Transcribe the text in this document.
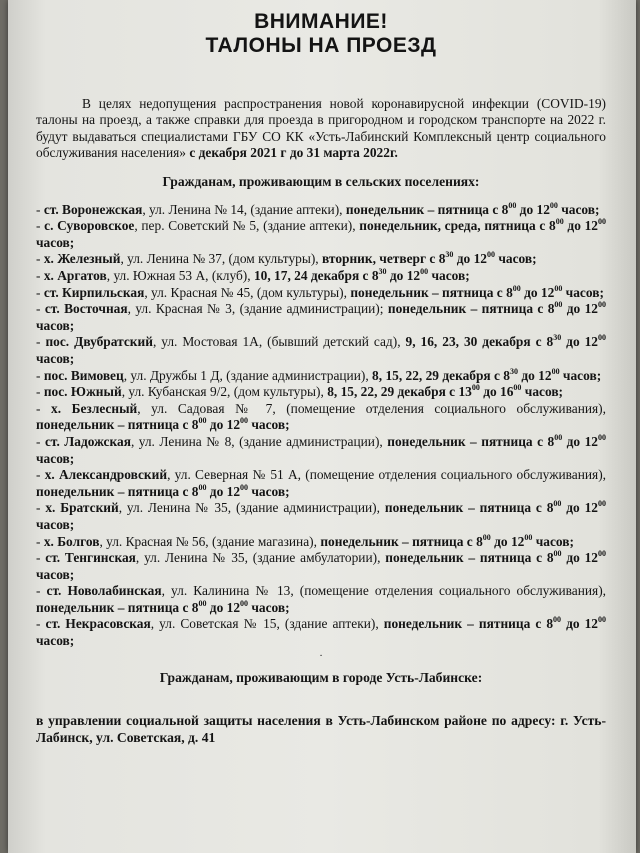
ВНИМАНИЕ!
ТАЛОНЫ НА ПРОЕЗД

В целях недопущения распространения новой коронавирусной инфекции (COVID-19) талоны на проезд, а также справки для проезда в пригородном и городском транспорте на 2022 г. будут выдаваться специалистами ГБУ СО КК «Усть-Лабинский Комплексный центр социального обслуживания населения» с декабря 2021 г до 31 марта 2022г.

Гражданам, проживающим в сельских поселениях:
- ст. Воронежская, ул. Ленина № 14, (здание аптеки), понедельник – пятница с $8^{00}$ до $12^{00}$ часов;
- с. Суворовское, пер. Советский № 5, (здание аптеки), понедельник, среда, пятница с $8^{00}$ до $12^{00}$ часов;
- х. Железный, ул. Ленина № 37, (дом культуры), вторник, четверг с $8^{30}$ до $12^{00}$ часов;
- х. Аргатов, ул. Южная 53 А, (клуб), 10, 17, 24 декабря с $8^{30}$ до $12^{00}$ часов;
- ст. Кирпильская, ул. Красная № 45, (дом культуры), понедельник – пятница с $8^{00}$ до $12^{00}$ часов;
- ст. Восточная, ул. Красная № 3, (здание администрации); понедельник – пятница с $8^{00}$ до $12^{00}$ часов;
- пос. Двубратский, ул. Мостовая 1А, (бывший детский сад), 9, 16, 23, 30 декабря с $8^{30}$ до $12^{00}$ часов;
- пос. Вимовец, ул. Дружбы 1 Д, (здание администрации), 8, 15, 22, 29 декабря с $8^{30}$ до $12^{00}$ часов;
- пос. Южный, ул. Кубанская 9/2, (дом культуры), 8, 15, 22, 29 декабря с $13^{00}$ до $16^{00}$ часов;
- х. Безлесный, ул. Садовая № 7, (помещение отделения социального обслуживания), понедельник – пятница с $8^{00}$ до $12^{00}$ часов;
- ст. Ладожская, ул. Ленина № 8, (здание администрации), понедельник – пятница с $8^{00}$ до $12^{00}$ часов;
- х. Александровский, ул. Северная № 51 А, (помещение отделения социального обслуживания), понедельник – пятница с $8^{00}$ до $12^{00}$ часов;
- х. Братский, ул. Ленина № 35, (здание администрации), понедельник – пятница с $8^{00}$ до $12^{00}$ часов;
- х. Болгов, ул. Красная № 56, (здание магазина), понедельник – пятница с $8^{00}$ до $12^{00}$ часов;
- ст. Тенгинская, ул. Ленина № 35, (здание амбулатории), понедельник – пятница с $8^{00}$ до $12^{00}$ часов;
- ст. Новолабинская, ул. Калинина № 13, (помещение отделения социального обслуживания), понедельник – пятница с $8^{00}$ до $12^{00}$ часов;
- ст. Некрасовская, ул. Советская № 15, (здание аптеки), понедельник – пятница с $8^{00}$ до $12^{00}$ часов;
·
Гражданам, проживающим в городе Усть-Лабинске:

в управлении социальной защиты населения в Усть-Лабинском районе по адресу: г. Усть-Лабинск, ул. Советская, д. 41
